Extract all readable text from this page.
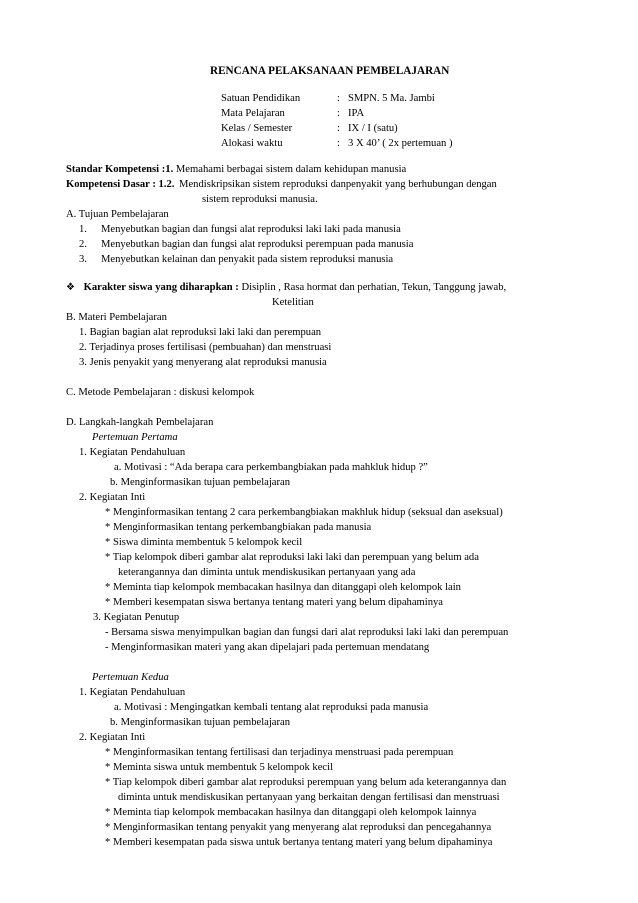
RENCANA PELAKSANAAN PEMBELAJARAN
Satuan Pendidikan	: SMPN. 5 Ma. Jambi
Mata Pelajaran	: IPA
Kelas / Semester	: IX / I (satu)
Alokasi waktu	: 3 X 40’ ( 2x pertemuan )
Standar Kompetensi :1. Memahami berbagai sistem dalam kehidupan manusia
Kompetensi Dasar : 1.2. Mendiskripsikan sistem reproduksi danpenyakit yang berhubungan dengan
sistem reproduksi manusia.
A. Tujuan Pembelajaran
1. Menyebutkan bagian dan fungsi alat reproduksi laki laki pada manusia
2. Menyebutkan bagian dan fungsi alat reproduksi perempuan pada manusia
3. Menyebutkan kelainan dan penyakit pada sistem reproduksi manusia
❖ Karakter siswa yang diharapkan : Disiplin , Rasa hormat dan perhatian, Tekun, Tanggung jawab,
Ketelitian
B. Materi Pembelajaran
1. Bagian bagian alat reproduksi laki laki dan perempuan
2. Terjadinya proses fertilisasi (pembuahan) dan menstruasi
3. Jenis penyakit yang menyerang alat reproduksi manusia
C. Metode Pembelajaran : diskusi kelompok
D. Langkah-langkah Pembelajaran
Pertemuan Pertama
1. Kegiatan Pendahuluan
a. Motivasi : “Ada berapa cara perkembangbiakan pada mahkluk hidup ?”
b. Menginformasikan tujuan pembelajaran
2. Kegiatan Inti
* Menginformasikan tentang 2 cara perkembangbiakan makhluk hidup (seksual dan aseksual)
* Menginformasikan tentang perkembangbiakan pada manusia
* Siswa diminta membentuk 5 kelompok kecil
* Tiap kelompok diberi gambar alat reproduksi laki laki dan perempuan yang belum ada
keterangannya dan diminta untuk mendiskusikan pertanyaan yang ada
* Meminta tiap kelompok membacakan hasilnya dan ditanggapi oleh kelompok lain
* Memberi kesempatan siswa bertanya tentang materi yang belum dipahaminya
3. Kegiatan Penutup
- Bersama siswa menyimpulkan bagian dan fungsi dari alat reproduksi laki laki dan perempuan
- Menginformasikan materi yang akan dipelajari pada pertemuan mendatang
Pertemuan Kedua
1. Kegiatan Pendahuluan
a. Motivasi : Mengingatkan kembali tentang alat reproduksi pada manusia
b. Menginformasikan tujuan pembelajaran
2. Kegiatan Inti
* Menginformasikan tentang fertilisasi dan terjadinya menstruasi pada perempuan
* Meminta siswa untuk membentuk 5 kelompok kecil
* Tiap kelompok diberi gambar alat reproduksi perempuan yang belum ada keterangannya dan
diminta untuk mendiskusikan pertanyaan yang berkaitan dengan fertilisasi dan menstruasi
* Meminta tiap kelompok membacakan hasilnya dan ditanggapi oleh kelompok lainnya
* Menginformasikan tentang penyakit yang menyerang alat reproduksi dan pencegahannya
* Memberi kesempatan pada siswa untuk bertanya tentang materi yang belum dipahaminya
